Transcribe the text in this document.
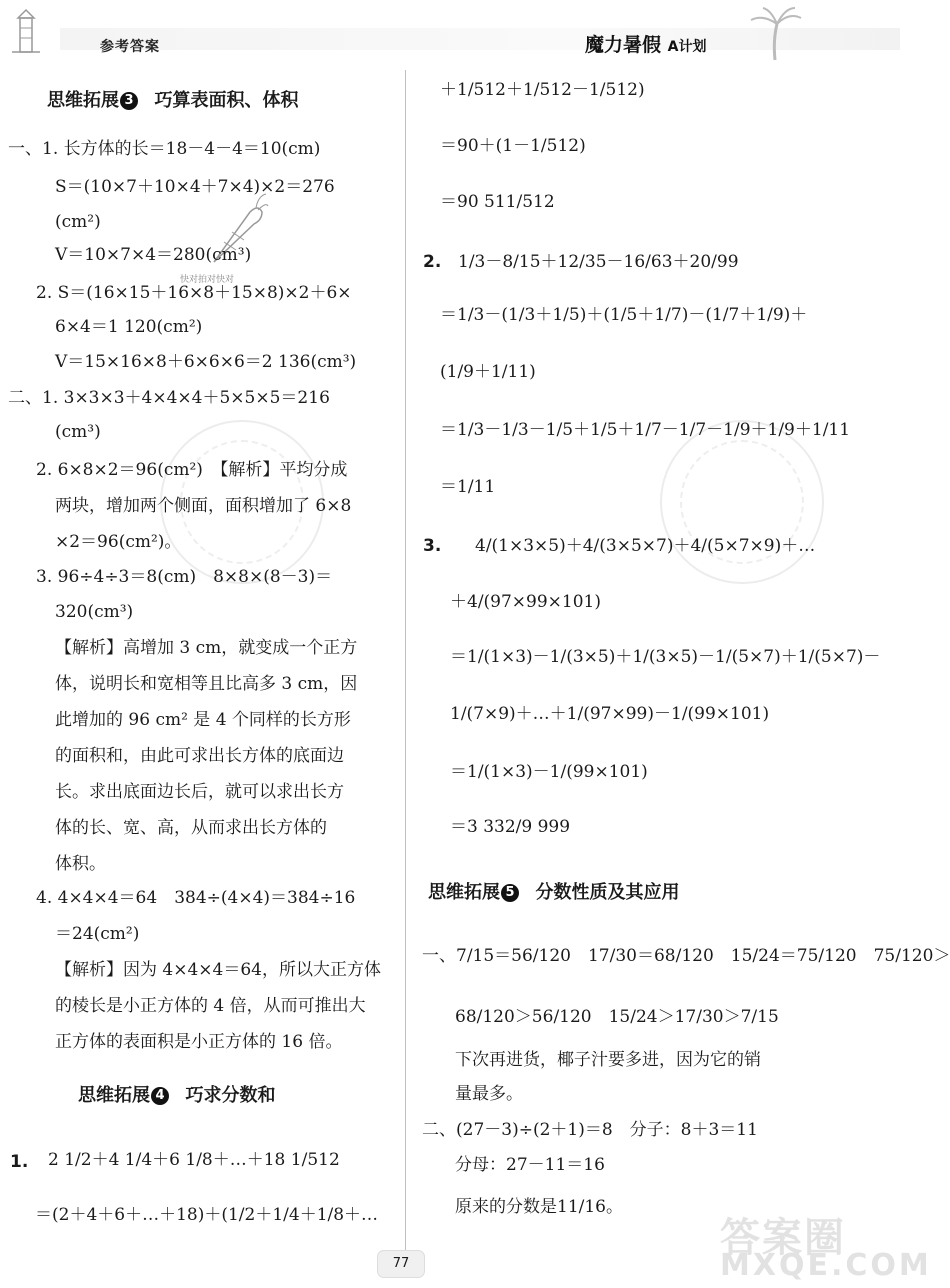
参考答案	魔力暑假 A计划
快对拍对快对
思维拓展 3 巧算表面积、体积
一、1. 长方体的长＝18－4－4＝10(cm)
S＝(10×7＋10×4＋7×4)×2＝276
(cm²)
V＝10×7×4＝280(cm³)
2. S＝(16×15＋16×8＋15×8)×2＋6×
6×4＝1 120(cm²)
V＝15×16×8＋6×6×6＝2 136(cm³)
二、1. 3×3×3＋4×4×4＋5×5×5＝216
(cm³)
2. 6×8×2＝96(cm²)　【解析】平均分成
两块，增加两个侧面，面积增加了 6×8
×2＝96(cm²)。
3. 96÷4÷3＝8(cm)　8×8×(8－3)＝
320(cm³)
【解析】高增加 3 cm，就变成一个正方
体，说明长和宽相等且比高多 3 cm，因
此增加的 96 cm² 是 4 个同样的长方形
的面积和，由此可求出长方体的底面边
长。求出底面边长后，就可以求出长方
体的长、宽、高，从而求出长方体的
体积。
4. 4×4×4＝64　384÷(4×4)＝384÷16
＝24(cm²)
【解析】因为 4×4×4＝64，所以大正方体
的棱长是小正方体的 4 倍，从而可推出大
正方体的表面积是小正方体的 16 倍。
思维拓展 4 巧求分数和
1. 2 1/2＋4 1/4＋6 1/8＋…＋18 1/512
＝(2＋4＋6＋…＋18)＋(1/2＋1/4＋1/8＋…
＋1/512＋1/512－1/512)
＝90＋(1－1/512)
＝90 511/512
2. 1/3－8/15＋12/35－16/63＋20/99
＝1/3－(1/3＋1/5)＋(1/5＋1/7)－(1/7＋1/9)＋
(1/9＋1/11)
＝1/3－1/3－1/5＋1/5＋1/7－1/7－1/9＋1/9＋1/11
＝1/11
3. 4/(1×3×5)＋4/(3×5×7)＋4/(5×7×9)＋…
＋4/(97×99×101)
＝1/(1×3)－1/(3×5)＋1/(3×5)－1/(5×7)＋1/(5×7)－
1/(7×9)＋…＋1/(97×99)－1/(99×101)
＝1/(1×3)－1/(99×101)
＝3 332/9 999
思维拓展 5 分数性质及其应用
一、7/15＝56/120　17/30＝68/120　15/24＝75/120　75/120＞
68/120＞56/120　15/24＞17/30＞7/15
下次再进货，椰子汁要多进，因为它的销
量最多。
二、(27－3)÷(2＋1)＝8　分子：8＋3＝11
分母：27－11＝16
原来的分数是11/16。
77
答案圈
MXQE.COM
